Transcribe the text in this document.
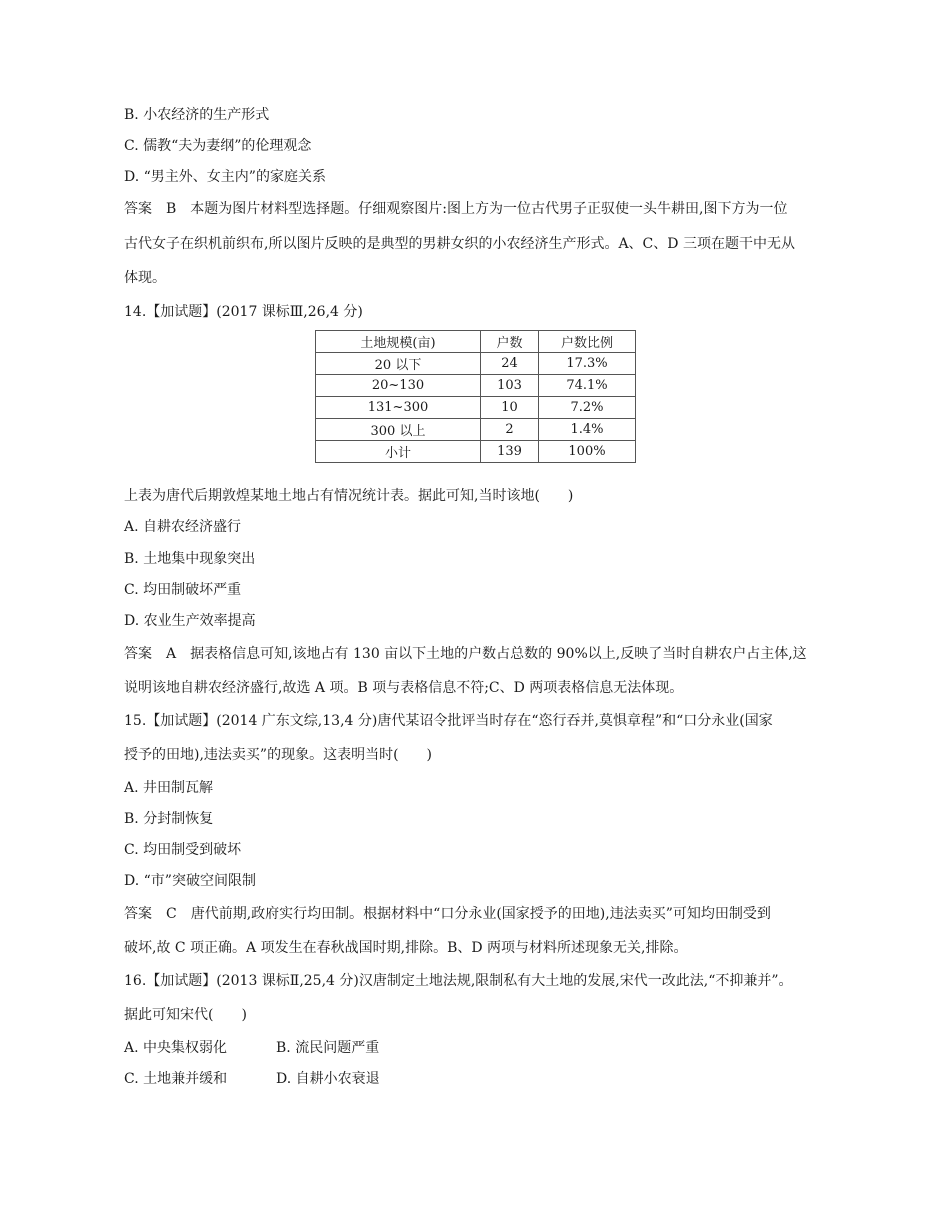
B. 小农经济的生产形式
C. 儒教“夫为妻纲”的伦理观念
D. “男主外、女主内”的家庭关系
答案　B　本题为图片材料型选择题。仔细观察图片:图上方为一位古代男子正驭使一头牛耕田,图下方为一位
古代女子在织机前织布,所以图片反映的是典型的男耕女织的小农经济生产形式。A、C、D 三项在题干中无从
体现。
14.【加试题】(2017 课标Ⅲ,26,4 分)
土地规模(亩)	户数	户数比例
20 以下	24	17.3%
20~130	103	74.1%
131~300	10	7.2%
300 以上	2	1.4%
小计	139	100%
上表为唐代后期敦煌某地土地占有情况统计表。据此可知,当时该地(　　)
A. 自耕农经济盛行
B. 土地集中现象突出
C. 均田制破坏严重
D. 农业生产效率提高
答案　A　据表格信息可知,该地占有 130 亩以下土地的户数占总数的 90%以上,反映了当时自耕农户占主体,这
说明该地自耕农经济盛行,故选 A 项。B 项与表格信息不符;C、D 两项表格信息无法体现。
15.【加试题】(2014 广东文综,13,4 分)唐代某诏令批评当时存在“恣行吞并,莫惧章程”和“口分永业(国家
授予的田地),违法卖买”的现象。这表明当时(　　)
A. 井田制瓦解
B. 分封制恢复
C. 均田制受到破坏
D. “市”突破空间限制
答案　C　唐代前期,政府实行均田制。根据材料中“口分永业(国家授予的田地),违法卖买”可知均田制受到
破坏,故 C 项正确。A 项发生在春秋战国时期,排除。B、D 两项与材料所述现象无关,排除。
16.【加试题】(2013 课标Ⅱ,25,4 分)汉唐制定土地法规,限制私有大土地的发展,宋代一改此法,“不抑兼并”。
据此可知宋代(　　)
A. 中央集权弱化	B. 流民问题严重
C. 土地兼并缓和	D. 自耕小农衰退
